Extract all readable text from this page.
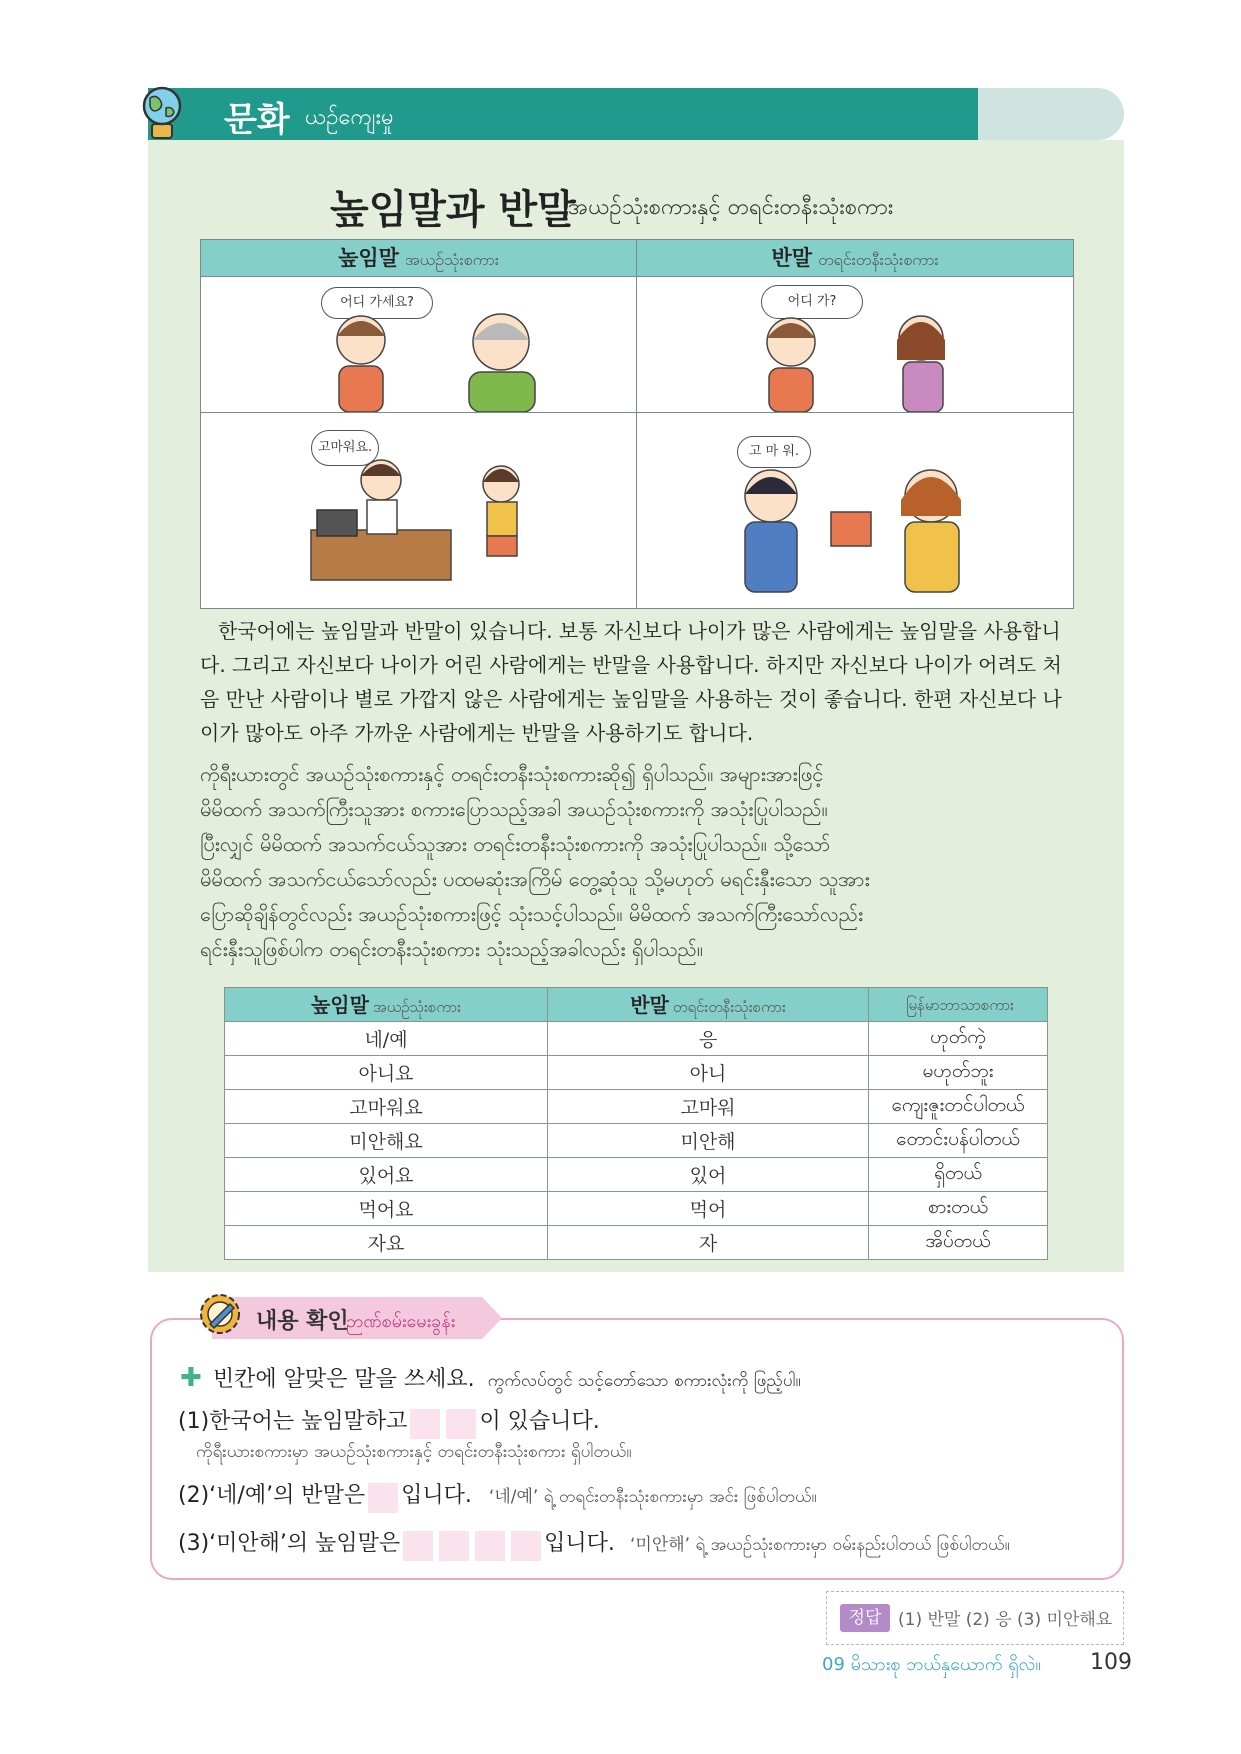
문화 ယဉ်ကျေးမှု
높임말과 반말
အယဉ်သုံးစကားနှင့် တရင်းတနီးသုံးစကား
높임말 အယဉ်သုံးစကား	반말 တရင်းတနီးသုံးစကား
어디 가세요?	어디 가?
고마워요.	고 마 워.
한국어에는 높임말과 반말이 있습니다. 보통 자신보다 나이가 많은 사람에게는 높임말을 사용합니
다. 그리고 자신보다 나이가 어린 사람에게는 반말을 사용합니다. 하지만 자신보다 나이가 어려도 처
음 만난 사람이나 별로 가깝지 않은 사람에게는 높임말을 사용하는 것이 좋습니다. 한편 자신보다 나
이가 많아도 아주 가까운 사람에게는 반말을 사용하기도 합니다.
ကိုရီးယားတွင် အယဉ်သုံးစကားနှင့် တရင်းတနီးသုံးစကားဆို၍ ရှိပါသည်။ အများအားဖြင့်
မိမိထက် အသက်ကြီးသူအား စကားပြောသည့်အခါ အယဉ်သုံးစကားကို အသုံးပြုပါသည်။
ပြီးလျှင် မိမိထက် အသက်ငယ်သူအား တရင်းတနီးသုံးစကားကို အသုံးပြုပါသည်။ သို့သော်
မိမိထက် အသက်ငယ်သော်လည်း ပထမဆုံးအကြိမ် တွေ့ဆုံသူ သို့မဟုတ် မရင်းနှီးသော သူအား
ပြောဆိုချိန်တွင်လည်း အယဉ်သုံးစကားဖြင့် သုံးသင့်ပါသည်။ မိမိထက် အသက်ကြီးသော်လည်း
ရင်းနှီးသူဖြစ်ပါက တရင်းတနီးသုံးစကား သုံးသည့်အခါလည်း ရှိပါသည်။
높임말 အယဉ်သုံးစကား	반말 တရင်းတနီးသုံးစကား	မြန်မာဘာသာစကား
네/예	응	ဟုတ်ကဲ့
아니요	아니	မဟုတ်ဘူး
고마워요	고마워	ကျေးဇူးတင်ပါတယ်
미안해요	미안해	တောင်းပန်ပါတယ်
있어요	있어	ရှိတယ်
먹어요	먹어	စားတယ်
자요	자	အိပ်တယ်
내용 확인
ဉာဏ်စမ်းမေးခွန်း
✚ 빈칸에 알맞은 말을 쓰세요. ကွက်လပ်တွင် သင့်တော်သော စကားလုံးကို ဖြည့်ပါ။
(1)한국어는 높임말하고	이 있습니다.
ကိုရီးယားစကားမှာ အယဉ်သုံးစကားနှင့် တရင်းတနီးသုံးစကား ရှိပါတယ်။
(2)‘네/예’의 반말은 입니다. ‘네/예’ ရဲ့ တရင်းတနီးသုံးစကားမှာ အင်း ဖြစ်ပါတယ်။
(3)‘미안해’의 높임말은	입니다. ‘미안해’ ရဲ့ အယဉ်သုံးစကားမှာ ဝမ်းနည်းပါတယ် ဖြစ်ပါတယ်။
정답 (1) 반말 (2) 응 (3) 미안해요
09 မိသားစု ဘယ်နှယောက် ရှိလဲ။ 109
